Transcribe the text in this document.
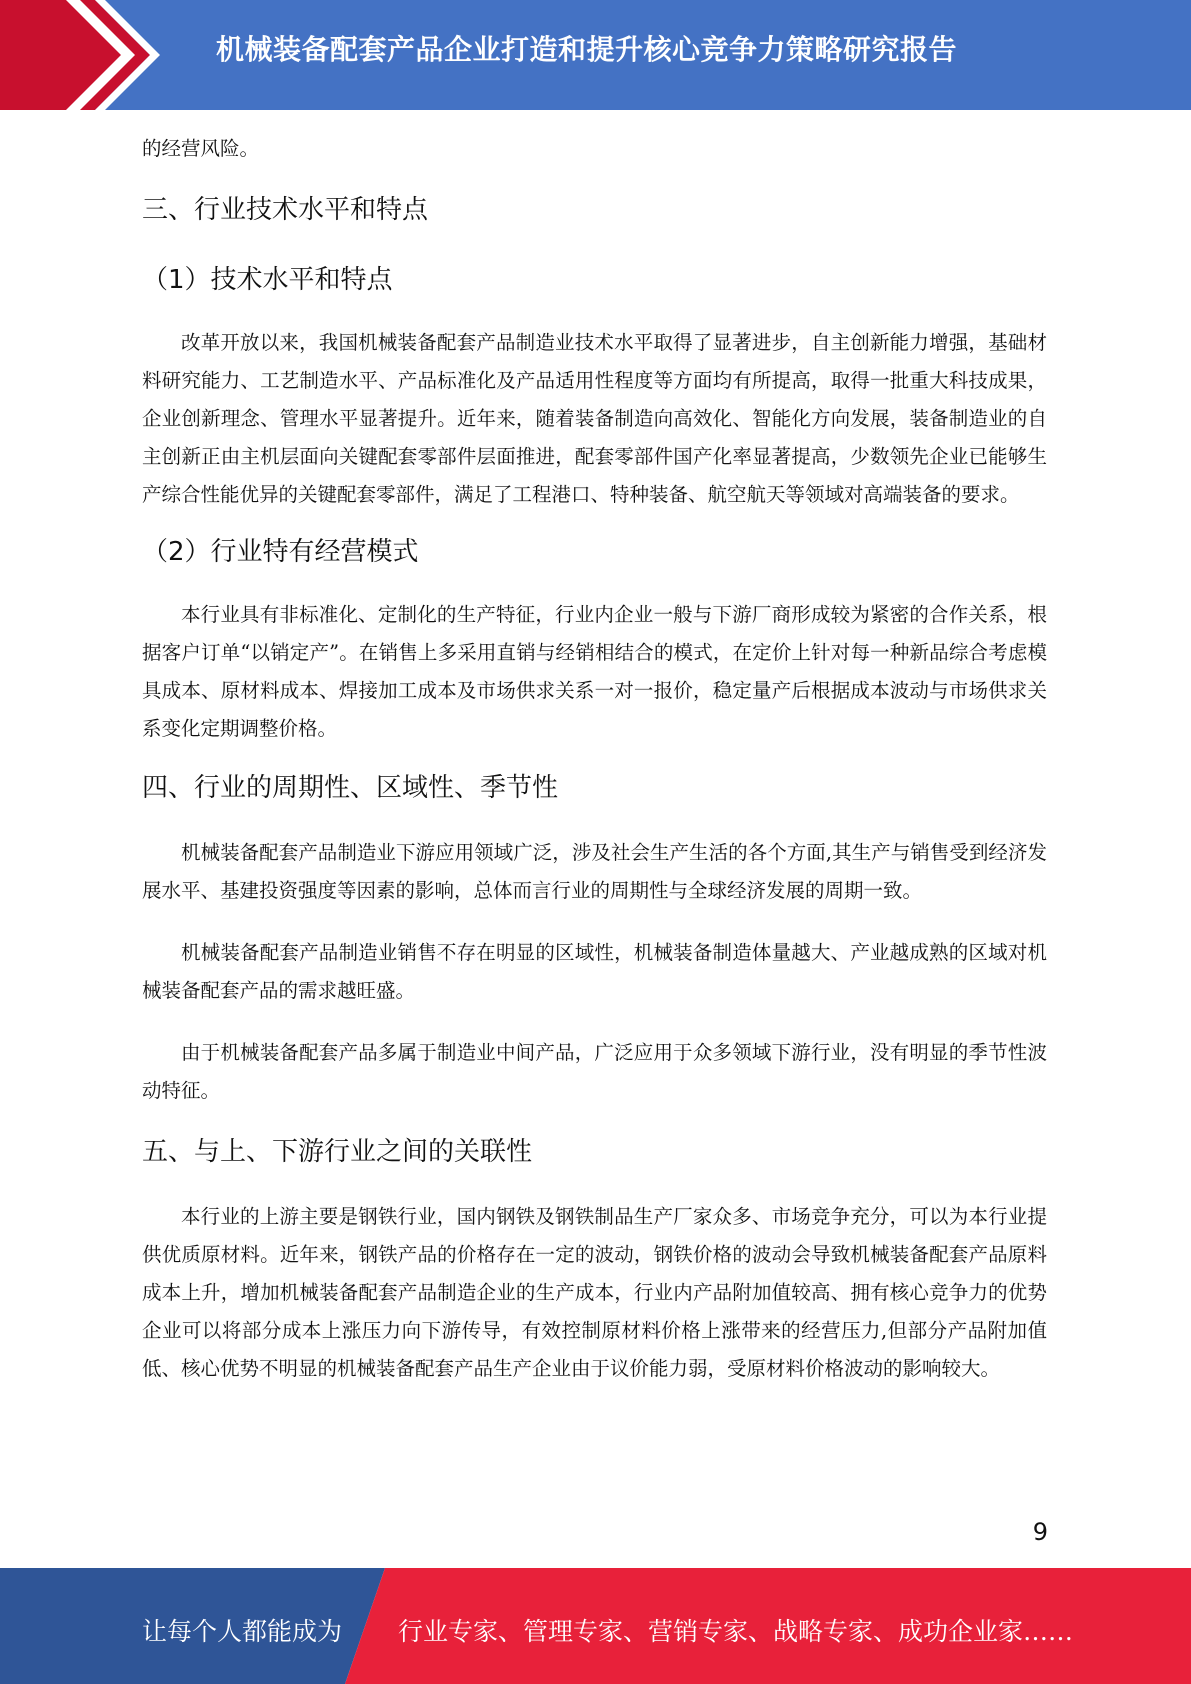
机械装备配套产品企业打造和提升核心竞争力策略研究报告

的经营风险。

三、行业技术水平和特点
（1）技术水平和特点

改革开放以来，我国机械装备配套产品制造业技术水平取得了显著进步，自主创新能力增强，基础材料研究能力、工艺制造水平、产品标准化及产品适用性程度等方面均有所提高，取得一批重大科技成果，企业创新理念、管理水平显著提升。近年来，随着装备制造向高效化、智能化方向发展，装备制造业的自主创新正由主机层面向关键配套零部件层面推进，配套零部件国产化率显著提高，少数领先企业已能够生产综合性能优异的关键配套零部件，满足了工程港口、特种装备、航空航天等领域对高端装备的要求。

（2）行业特有经营模式

本行业具有非标准化、定制化的生产特征，行业内企业一般与下游厂商形成较为紧密的合作关系，根据客户订单“以销定产”。在销售上多采用直销与经销相结合的模式，在定价上针对每一种新品综合考虑模具成本、原材料成本、焊接加工成本及市场供求关系一对一报价，稳定量产后根据成本波动与市场供求关系变化定期调整价格。

四、行业的周期性、区域性、季节性

机械装备配套产品制造业下游应用领域广泛，涉及社会生产生活的各个方面,其生产与销售受到经济发展水平、基建投资强度等因素的影响，总体而言行业的周期性与全球经济发展的周期一致。

机械装备配套产品制造业销售不存在明显的区域性，机械装备制造体量越大、产业越成熟的区域对机械装备配套产品的需求越旺盛。

由于机械装备配套产品多属于制造业中间产品，广泛应用于众多领域下游行业，没有明显的季节性波动特征。

五、与上、下游行业之间的关联性

本行业的上游主要是钢铁行业，国内钢铁及钢铁制品生产厂家众多、市场竞争充分，可以为本行业提供优质原材料。近年来，钢铁产品的价格存在一定的波动，钢铁价格的波动会导致机械装备配套产品原料成本上升，增加机械装备配套产品制造企业的生产成本，行业内产品附加值较高、拥有核心竞争力的优势企业可以将部分成本上涨压力向下游传导，有效控制原材料价格上涨带来的经营压力,但部分产品附加值低、核心优势不明显的机械装备配套产品生产企业由于议价能力弱，受原材料价格波动的影响较大。

9
让每个人都能成为 行业专家、管理专家、营销专家、战略专家、成功企业家……
